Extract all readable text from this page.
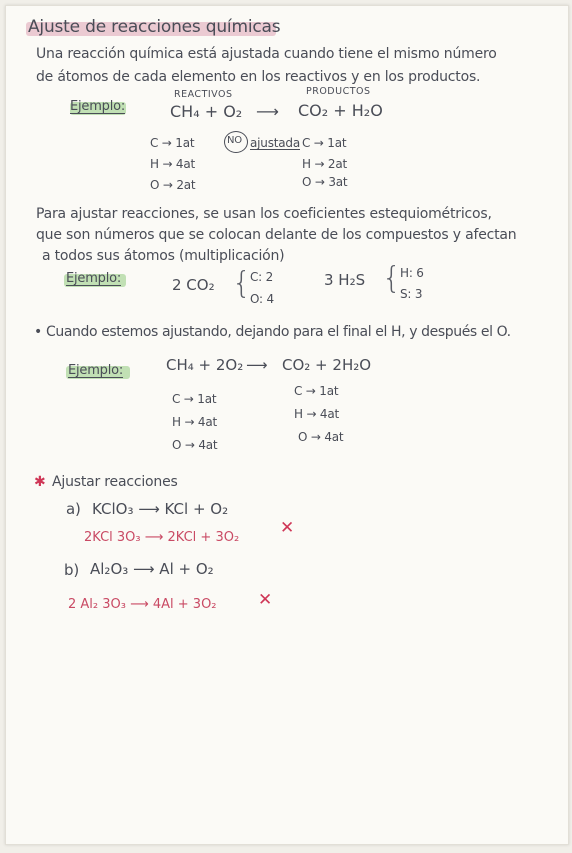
Ajuste de reacciones químicas
Una reacción química está ajustada cuando tiene el mismo número
de átomos de cada elemento en los reactivos y en los productos.
Ejemplo:
REACTIVOS	PRODUCTOS
CH₄ + O₂ ⟶ CO₂ + H₂O
C → 1at
H → 4at
O → 2at
NO ajustada C → 1at
H → 2at
O → 3at
Para ajustar reacciones, se usan los coeficientes estequiométricos,
que son números que se colocan delante de los compuestos y afectan
a todos sus átomos (multiplicación)
Ejemplo:	2 CO₂ {
C: 2
O: 4
3 H₂S {
H: 6
S: 3
• Cuando estemos ajustando, dejando para el final el H, y después el O.
Ejemplo:	CH₄ + 2O₂ ⟶ CO₂ + 2H₂O
C → 1at
H → 4at
O → 4at
C → 1at
H → 4at
O → 4at
✱ Ajustar reacciones
a) KClO₃ ⟶ KCl + O₂
2KCl 3O₃ ⟶ 2KCl + 3O₂ ✕
b) Al₂O₃ ⟶ Al + O₂
2 Al₂ 3O₃ ⟶ 4Al + 3O₂ ✕
